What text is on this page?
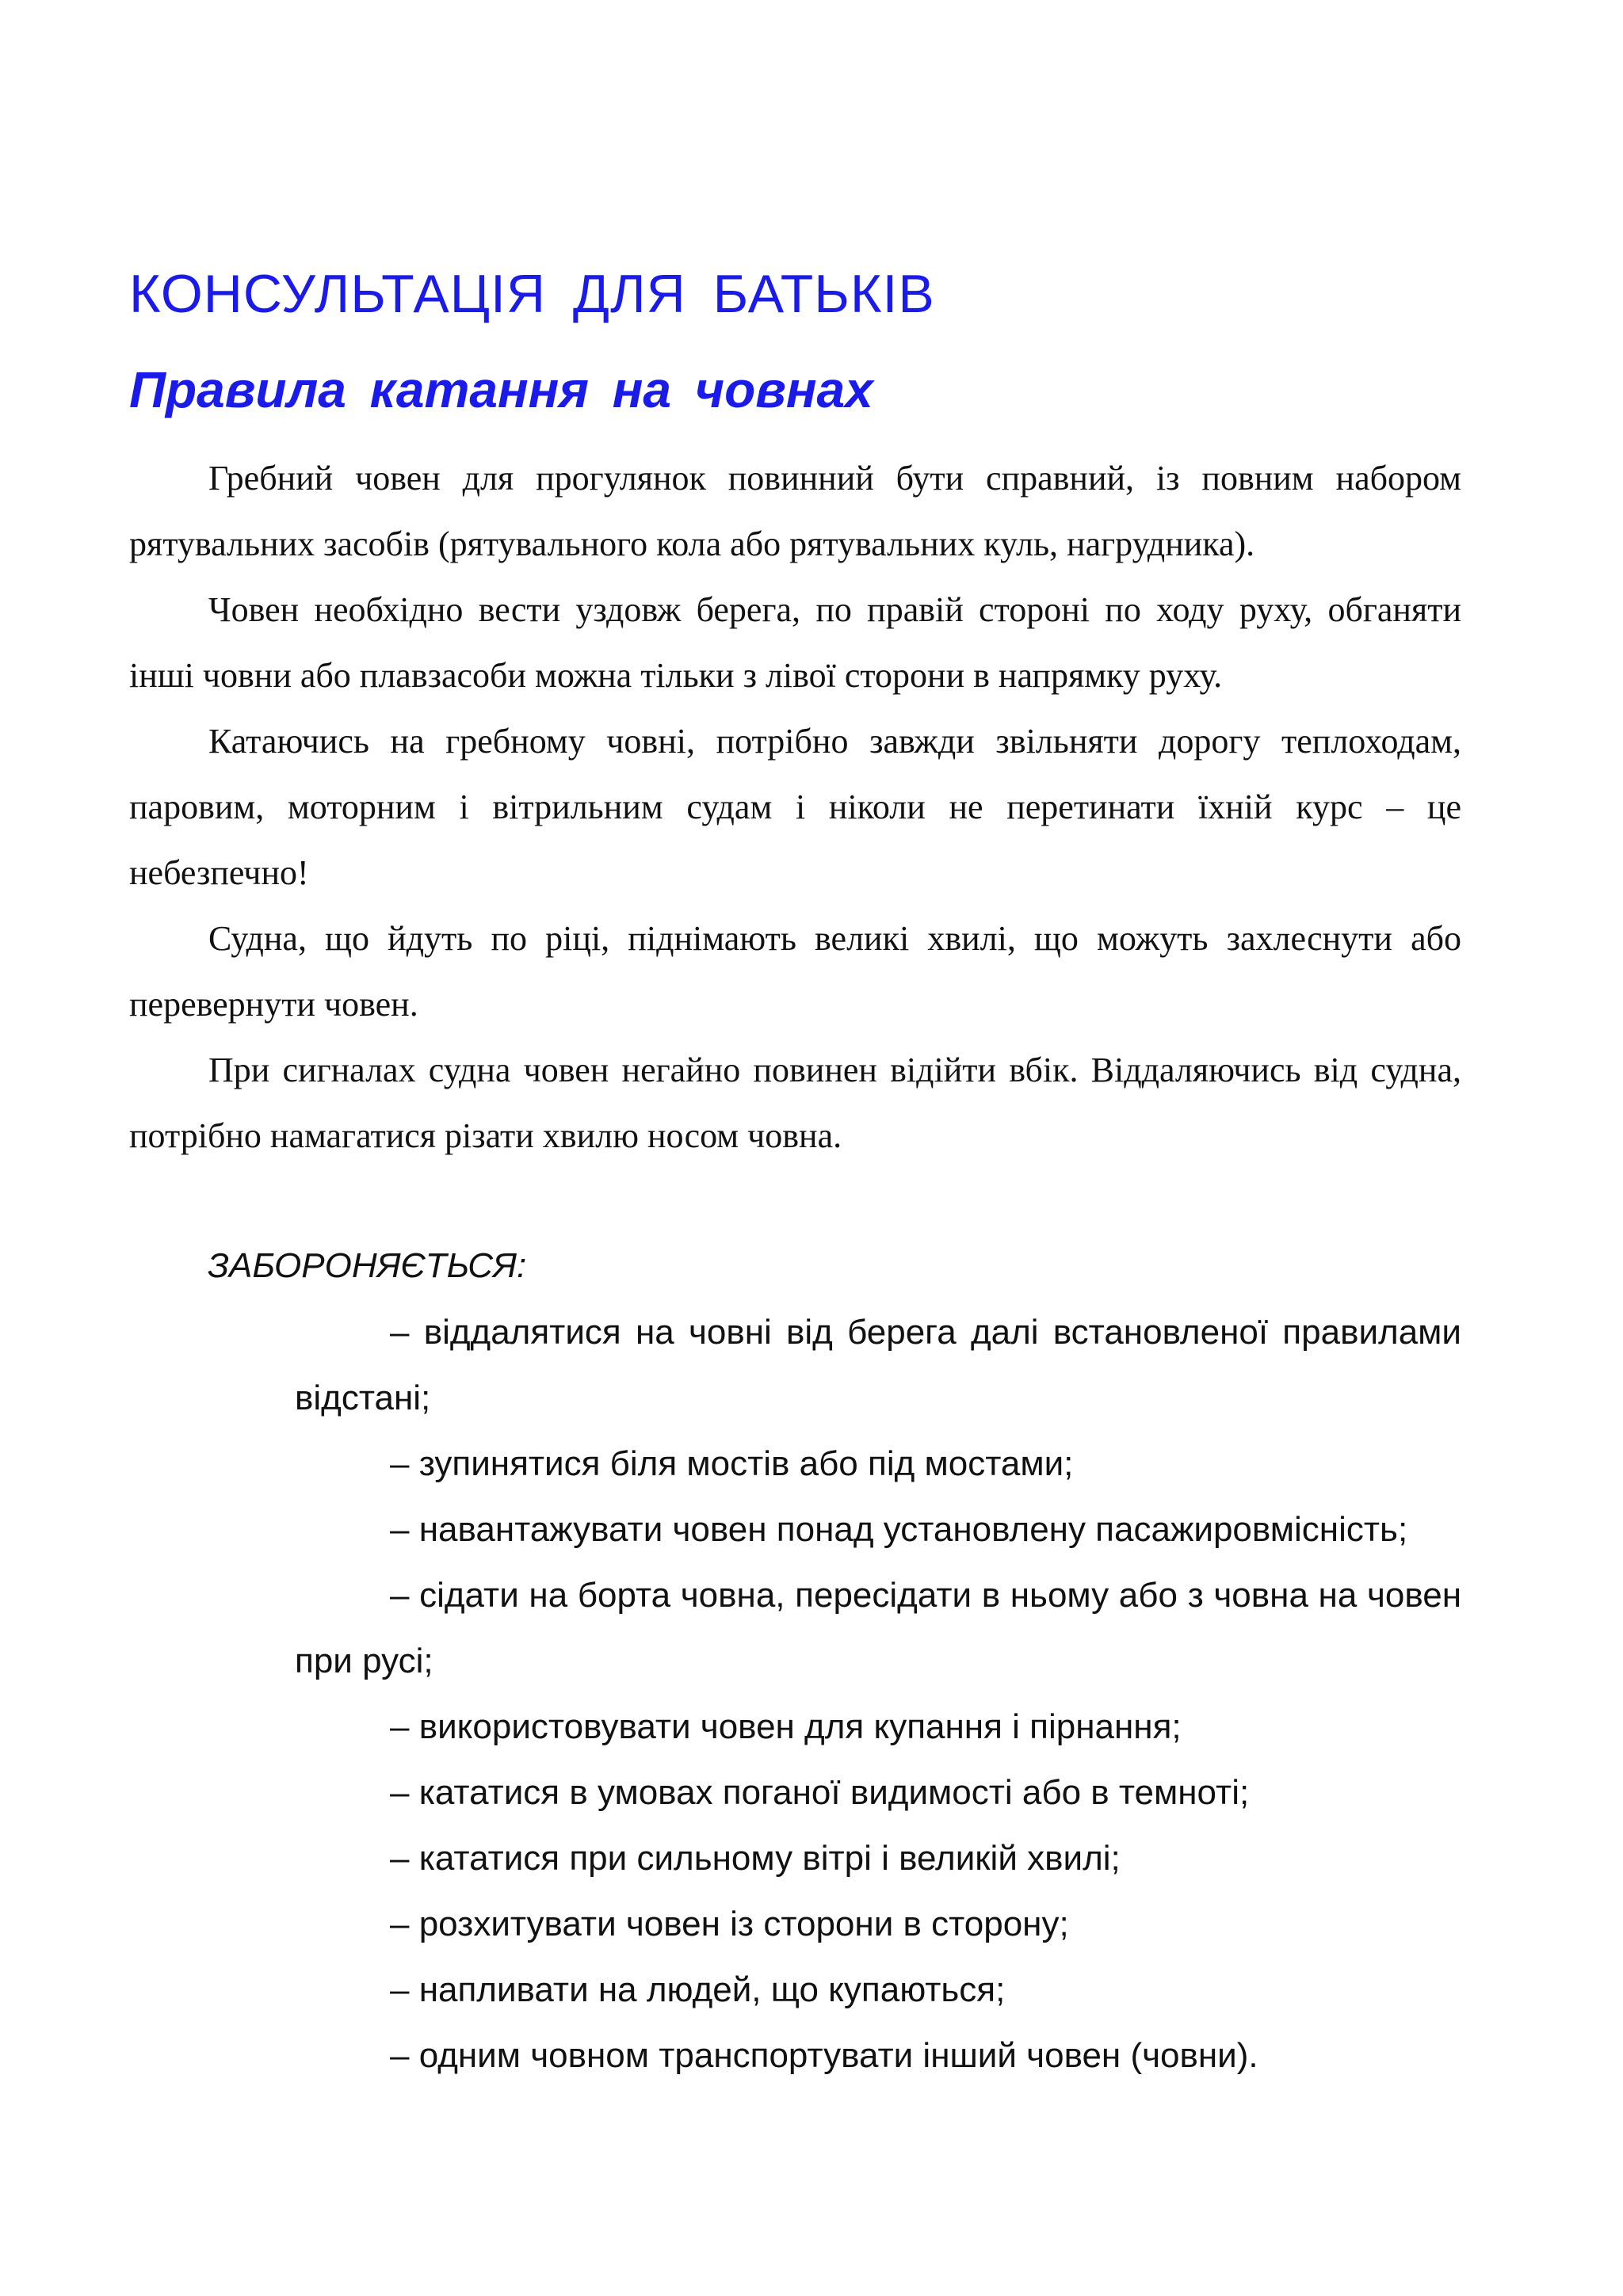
КОНСУЛЬТАЦІЯ ДЛЯ БАТЬКІВ
Правила катання на човнах

Гребний човен для прогулянок повинний бути справний, із повним набором рятувальних засобів (рятувального кола або рятувальних куль, нагрудника).

Човен необхідно вести уздовж берега, по правій стороні по ходу руху, обганяти інші човни або плавзасоби можна тільки з лівої сторони в напрямку руху.

Катаючись на гребному човні, потрібно завжди звільняти дорогу теплоходам, паровим, моторним і вітрильним судам і ніколи не перетинати їхній курс – це небезпечно!

Судна, що йдуть по ріці, піднімають великі хвилі, що можуть захлеснути або перевернути човен.

При сигналах судна човен негайно повинен відійти вбік. Віддаляючись від судна, потрібно намагатися різати хвилю носом човна.

ЗАБОРОНЯЄТЬСЯ:

– віддалятися на човні від берега далі встановленої правилами відстані;
– зупинятися біля мостів або під мостами;
– навантажувати човен понад установлену пасажировмісність;
– сідати на борта човна, пересідати в ньому або з човна на човен при русі;
– використовувати човен для купання і пірнання;
– кататися в умовах поганої видимості або в темноті;
– кататися при сильному вітрі і великій хвилі;
– розхитувати човен із сторони в сторону;
– напливати на людей, що купаються;
– одним човном транспортувати інший човен (човни).
